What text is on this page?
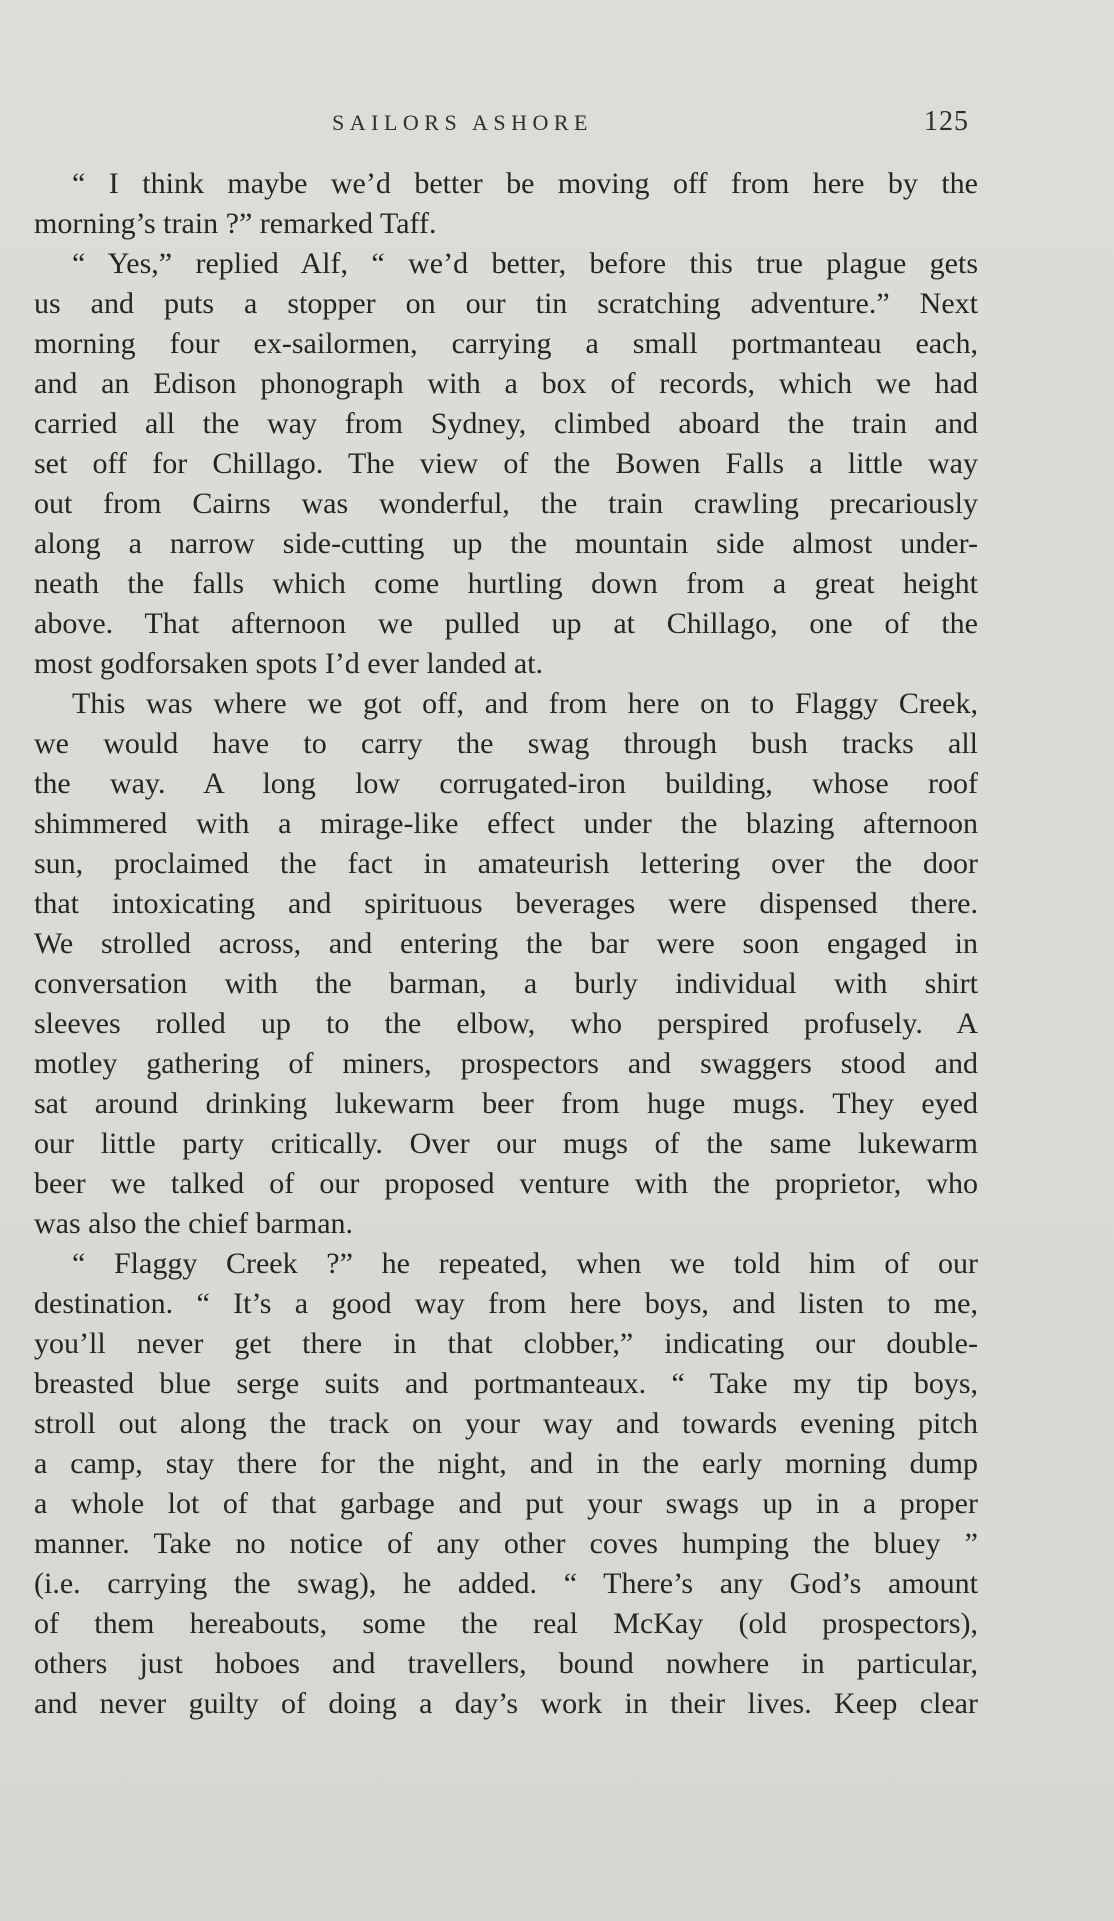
SAILORS ASHORE	125
“ I think maybe we’d better be moving off from here by the
morning’s train ?” remarked Taff.
“ Yes,” replied Alf, “ we’d better, before this true plague gets
us and puts a stopper on our tin scratching adventure.” Next
morning four ex-sailormen, carrying a small portmanteau each,
and an Edison phonograph with a box of records, which we had
carried all the way from Sydney, climbed aboard the train and
set off for Chillago. The view of the Bowen Falls a little way
out from Cairns was wonderful, the train crawling precariously
along a narrow side-cutting up the mountain side almost under-
neath the falls which come hurtling down from a great height
above. That afternoon we pulled up at Chillago, one of the
most godforsaken spots I’d ever landed at.
This was where we got off, and from here on to Flaggy Creek,
we would have to carry the swag through bush tracks all
the way. A long low corrugated-iron building, whose roof
shimmered with a mirage-like effect under the blazing afternoon
sun, proclaimed the fact in amateurish lettering over the door
that intoxicating and spirituous beverages were dispensed there.
We strolled across, and entering the bar were soon engaged in
conversation with the barman, a burly individual with shirt
sleeves rolled up to the elbow, who perspired profusely. A
motley gathering of miners, prospectors and swaggers stood and
sat around drinking lukewarm beer from huge mugs. They eyed
our little party critically. Over our mugs of the same lukewarm
beer we talked of our proposed venture with the proprietor, who
was also the chief barman.
“ Flaggy Creek ?” he repeated, when we told him of our
destination. “ It’s a good way from here boys, and listen to me,
you’ll never get there in that clobber,” indicating our double-
breasted blue serge suits and portmanteaux. “ Take my tip boys,
stroll out along the track on your way and towards evening pitch
a camp, stay there for the night, and in the early morning dump
a whole lot of that garbage and put your swags up in a proper
manner. Take no notice of any other coves humping the bluey ”
(i.e. carrying the swag), he added. “ There’s any God’s amount
of them hereabouts, some the real McKay (old prospectors),
others just hoboes and travellers, bound nowhere in particular,
and never guilty of doing a day’s work in their lives. Keep clear
